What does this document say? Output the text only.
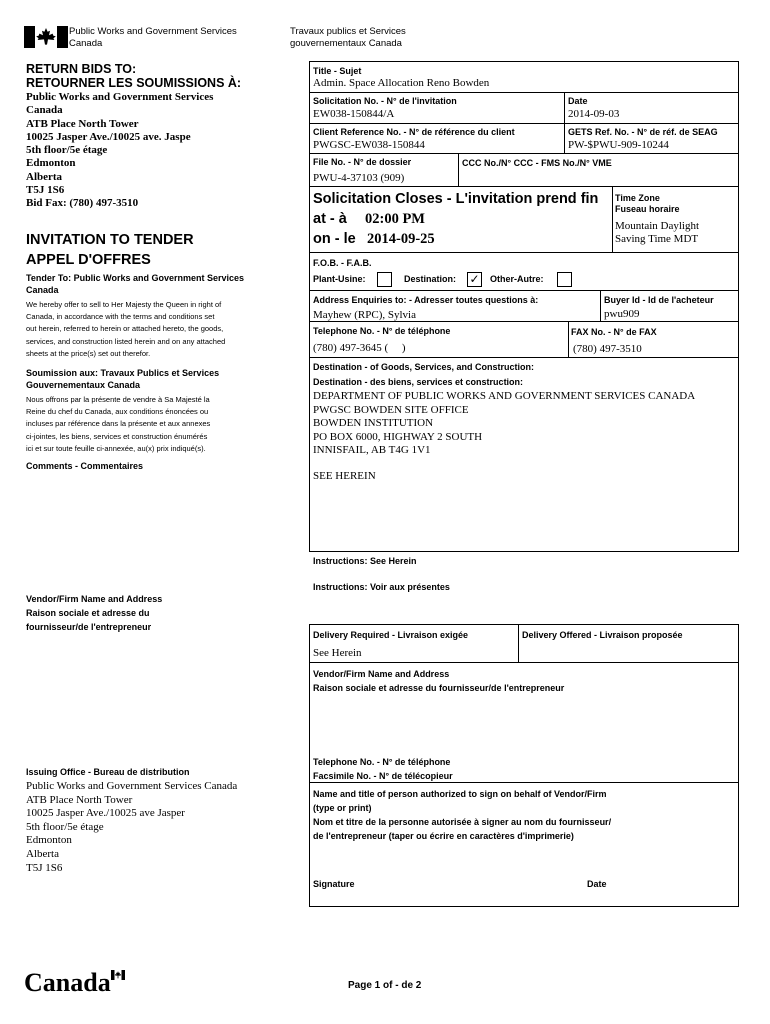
Public Works and Government Services
Canada
Travaux publics et Services
gouvernementaux Canada
RETURN BIDS TO:
RETOURNER LES SOUMISSIONS À:
Public Works and Government Services
Canada
ATB Place North Tower
10025 Jasper Ave./10025 ave. Jaspe
5th floor/5e étage
Edmonton
Alberta
T5J 1S6
Bid Fax: (780) 497-3510
INVITATION TO TENDER
APPEL D'OFFRES
Tender To: Public Works and Government Services
Canada
We hereby offer to sell to Her Majesty the Queen in right of
Canada, in accordance with the terms and conditions set
out herein, referred to herein or attached hereto, the goods,
services, and construction listed herein and on any attached
sheets at the price(s) set out therefor.
Soumission aux: Travaux Publics et Services
Gouvernementaux Canada
Nous offrons par la présente de vendre à Sa Majesté la
Reine du chef du Canada, aux conditions énoncées ou
incluses par référence dans la présente et aux annexes
ci-jointes, les biens, services et construction énumérés
ici et sur toute feuille ci-annexée, au(x) prix indiqué(s).
Comments - Commentaires
Vendor/Firm Name and Address
Raison sociale et adresse du
fournisseur/de l'entrepreneur
Issuing Office - Bureau de distribution
Public Works and Government Services Canada
ATB Place North Tower
10025 Jasper Ave./10025 ave Jasper
5th floor/5e étage
Edmonton
Alberta
T5J 1S6
Title - Sujet
Admin. Space Allocation Reno Bowden
Solicitation No. - N° de l'invitation
EW038-150844/A
Date
2014-09-03
Client Reference No. - N° de référence du client
PWGSC-EW038-150844
GETS Ref. No. - N° de réf. de SEAG
PW-$PWU-909-10244
File No. - N° de dossier
PWU-4-37103 (909)
CCC No./N° CCC - FMS No./N° VME
Solicitation Closes - L'invitation prend fin
at - à 02:00 PM
on - le 2014-09-25
Time Zone
Fuseau horaire
Mountain Daylight
Saving Time MDT
F.O.B. - F.A.B.
Plant-Usine:	Destination: ✓ Other-Autre:
Address Enquiries to: - Adresser toutes questions à:
Mayhew (RPC), Sylvia
Buyer Id - Id de l'acheteur
pwu909
Telephone No. - N° de téléphone
(780) 497-3645 (     )
FAX No. - N° de FAX
(780) 497-3510
Destination - of Goods, Services, and Construction:
Destination - des biens, services et construction:
DEPARTMENT OF PUBLIC WORKS AND GOVERNMENT SERVICES CANADA
PWGSC BOWDEN SITE OFFICE
BOWDEN INSTITUTION
PO BOX 6000, HIGHWAY 2 SOUTH
INNISFAIL, AB T4G 1V1
SEE HEREIN
Instructions: See Herein
Instructions: Voir aux présentes
Delivery Required - Livraison exigée
See Herein
Delivery Offered - Livraison proposée
Vendor/Firm Name and Address
Raison sociale et adresse du fournisseur/de l'entrepreneur
Telephone No. - N° de téléphone
Facsimile No. - N° de télécopieur
Name and title of person authorized to sign on behalf of Vendor/Firm
(type or print)
Nom et titre de la personne autorisée à signer au nom du fournisseur/
de l'entrepreneur (taper ou écrire en caractères d'imprimerie)
Signature	Date
Canada	Page 1 of - de 2
